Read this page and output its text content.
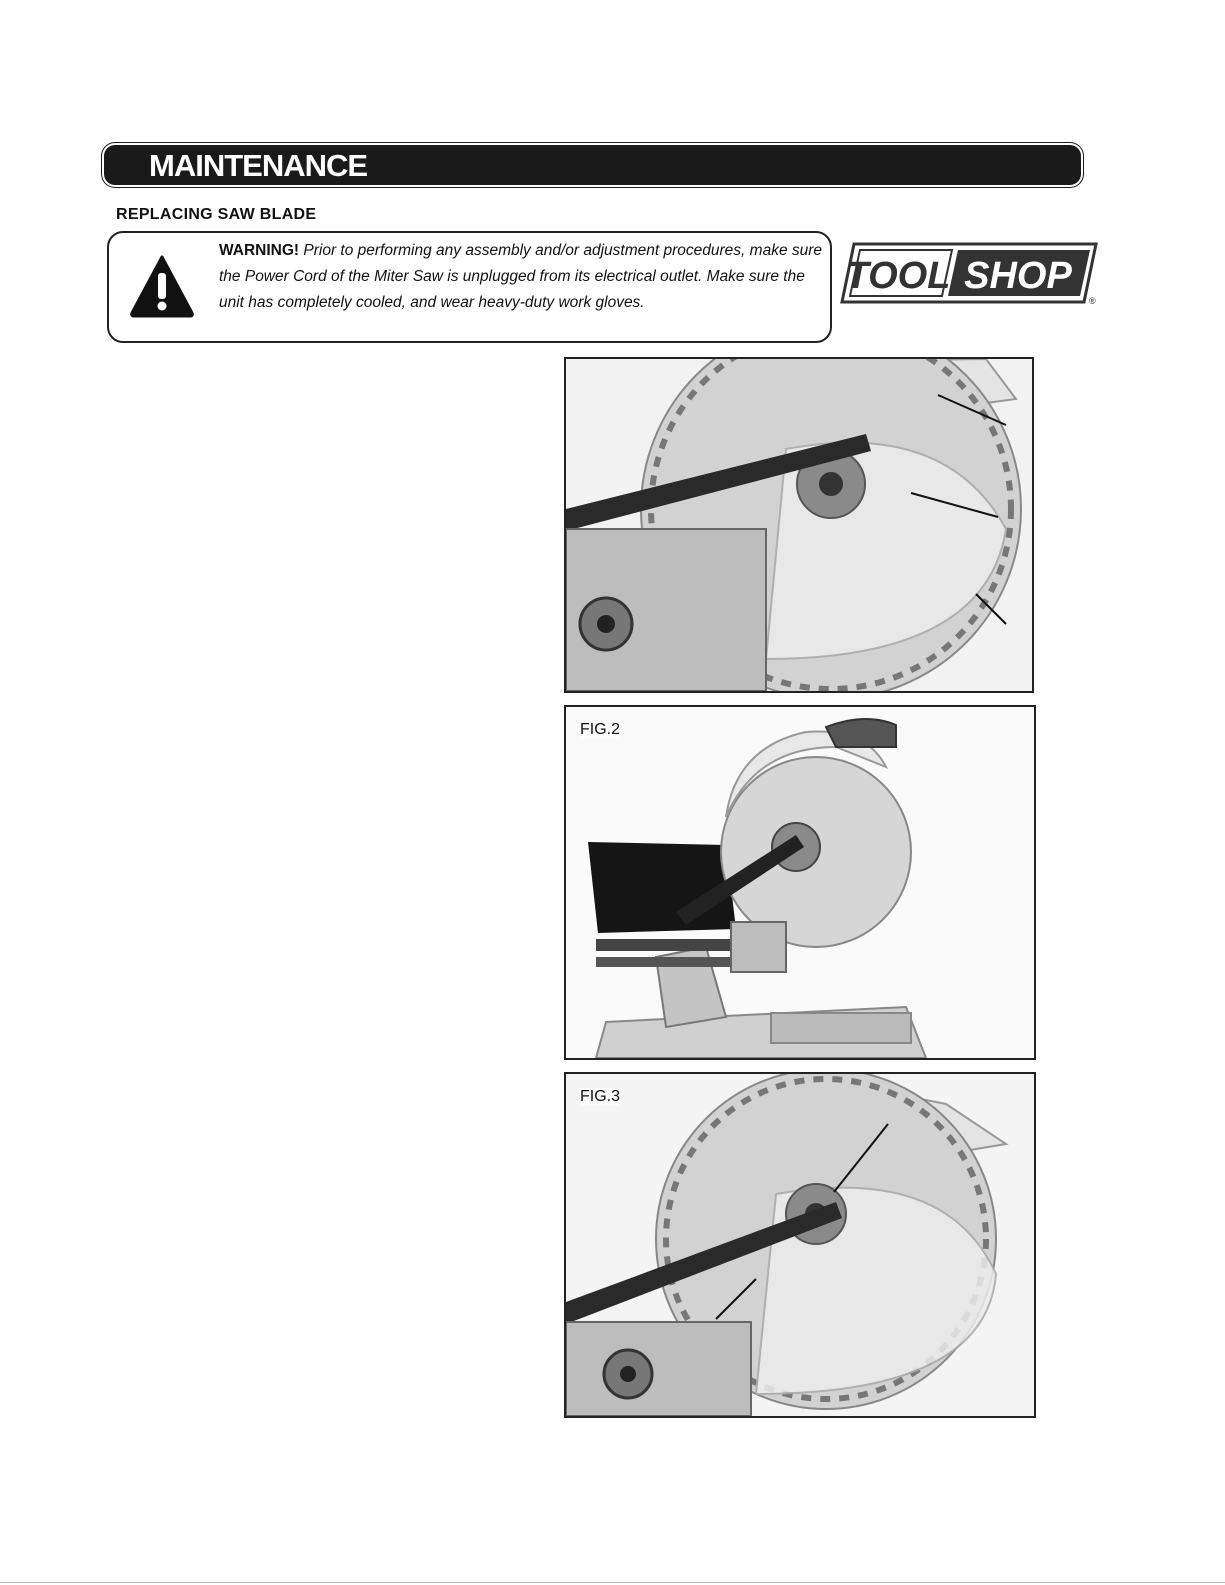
MAINTENANCE
REPLACING SAW BLADE
WARNING! Prior to performing any assembly and/or adjustment procedures, make sure the Power Cord of the Miter Saw is unplugged from its electrical outlet. Make sure the unit has completely cooled, and wear heavy-duty work gloves.
TOOL SHOP
®
FIG.2
FIG.3
